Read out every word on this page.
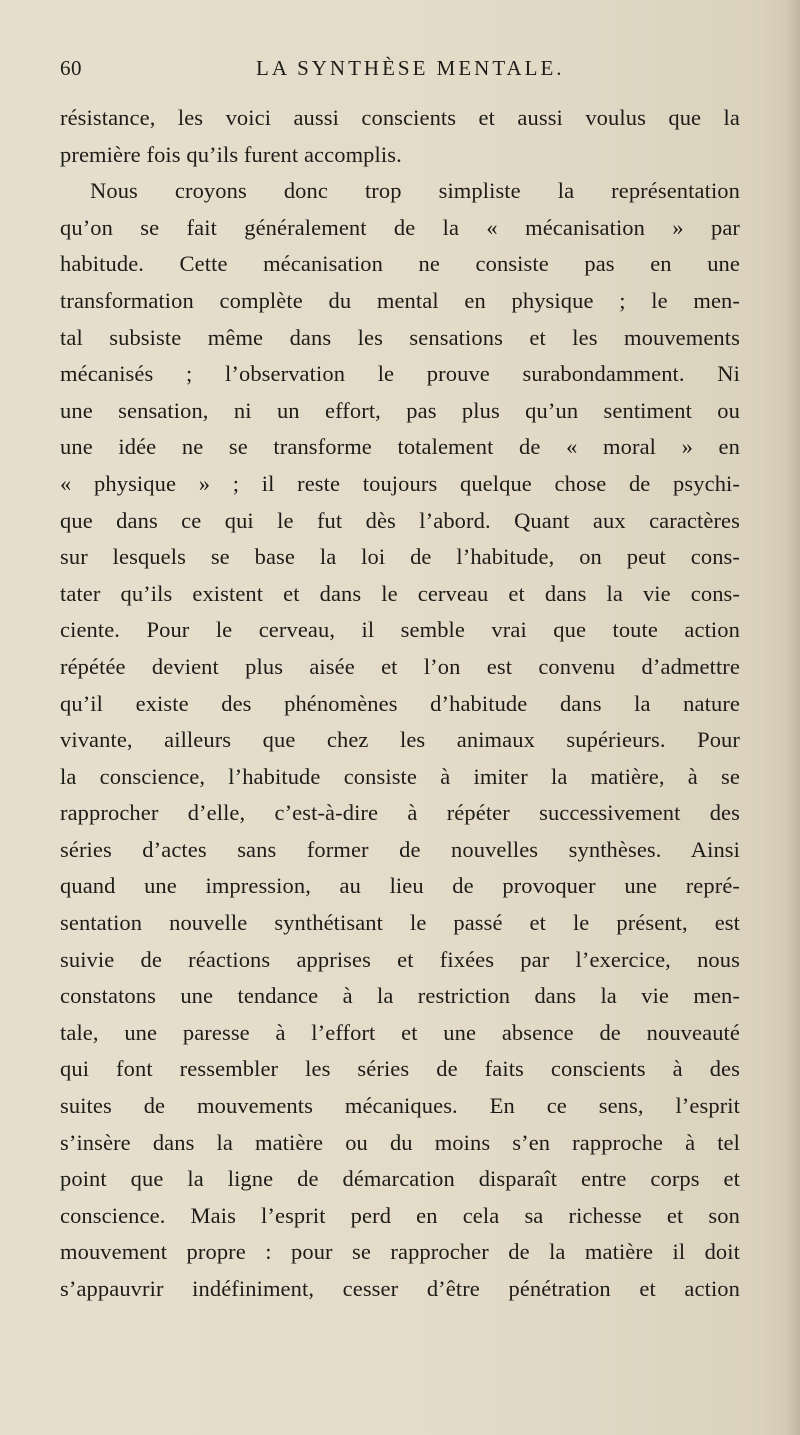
60	LA SYNTHÈSE MENTALE.
résistance, les voici aussi conscients et aussi voulus que la
première fois qu’ils furent accomplis.
Nous croyons donc trop simpliste la représentation
qu’on se fait généralement de la « mécanisation » par
habitude. Cette mécanisation ne consiste pas en une
transformation complète du mental en physique ; le men-
tal subsiste même dans les sensations et les mouvements
mécanisés ; l’observation le prouve surabondamment. Ni
une sensation, ni un effort, pas plus qu’un sentiment ou
une idée ne se transforme totalement de « moral » en
« physique » ; il reste toujours quelque chose de psychi-
que dans ce qui le fut dès l’abord. Quant aux caractères
sur lesquels se base la loi de l’habitude, on peut cons-
tater qu’ils existent et dans le cerveau et dans la vie cons-
ciente. Pour le cerveau, il semble vrai que toute action
répétée devient plus aisée et l’on est convenu d’admettre
qu’il existe des phénomènes d’habitude dans la nature
vivante, ailleurs que chez les animaux supérieurs. Pour
la conscience, l’habitude consiste à imiter la matière, à se
rapprocher d’elle, c’est-à-dire à répéter successivement des
séries d’actes sans former de nouvelles synthèses. Ainsi
quand une impression, au lieu de provoquer une repré-
sentation nouvelle synthétisant le passé et le présent, est
suivie de réactions apprises et fixées par l’exercice, nous
constatons une tendance à la restriction dans la vie men-
tale, une paresse à l’effort et une absence de nouveauté
qui font ressembler les séries de faits conscients à des
suites de mouvements mécaniques. En ce sens, l’esprit
s’insère dans la matière ou du moins s’en rapproche à tel
point que la ligne de démarcation disparaît entre corps et
conscience. Mais l’esprit perd en cela sa richesse et son
mouvement propre : pour se rapprocher de la matière il doit
s’appauvrir indéfiniment, cesser d’être pénétration et action
